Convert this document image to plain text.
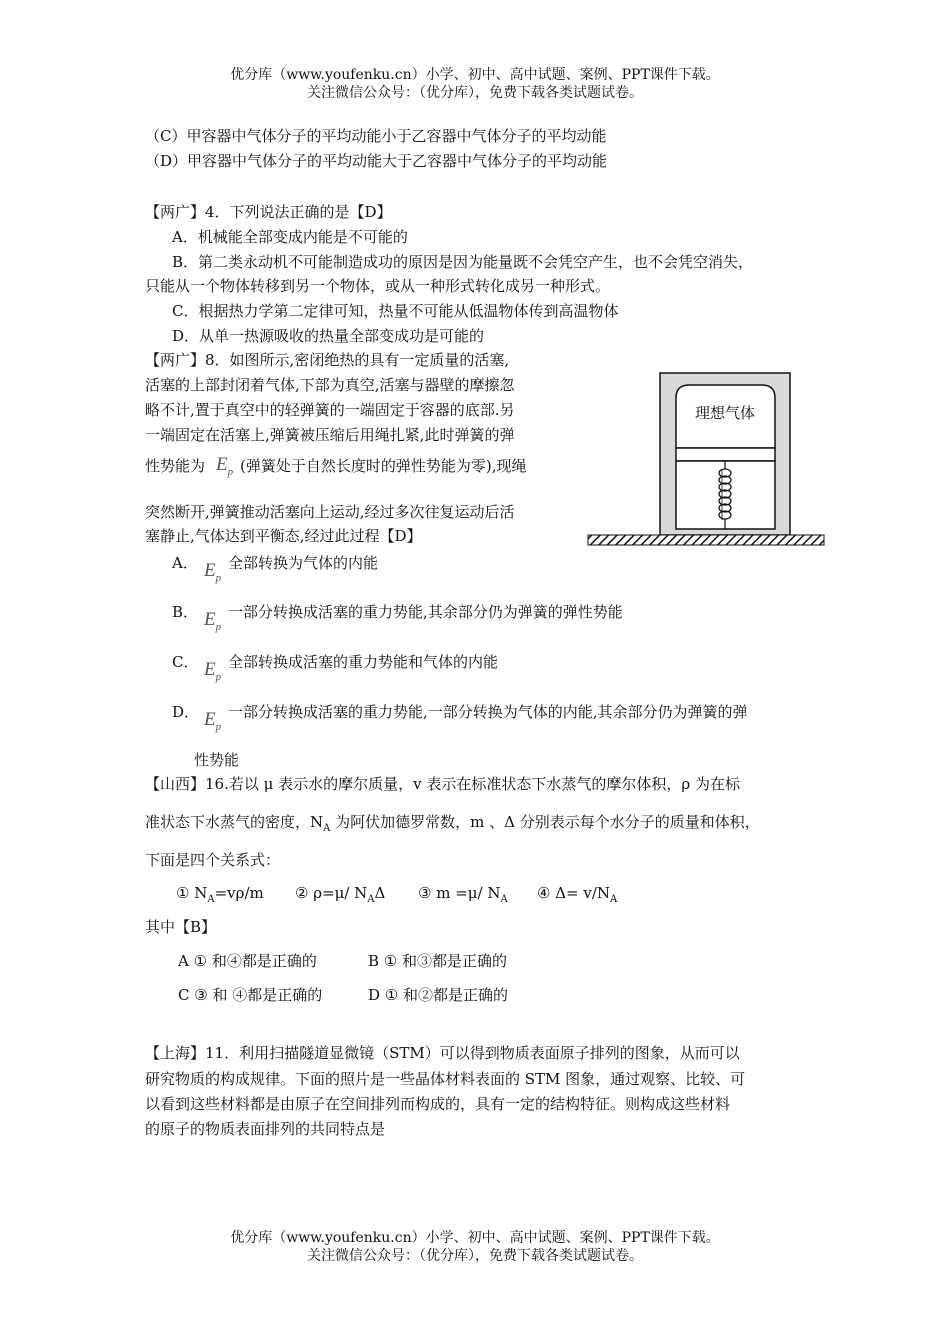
优分库（www.youfenku.cn）小学、初中、高中试题、案例、PPT课件下载。
关注微信公众号：（优分库），免费下载各类试题试卷。
（C）甲容器中气体分子的平均动能小于乙容器中气体分子的平均动能
（D）甲容器中气体分子的平均动能大于乙容器中气体分子的平均动能
【两广】4．下列说法正确的是【D】
A．机械能全部变成内能是不可能的
B．第二类永动机不可能制造成功的原因是因为能量既不会凭空产生，也不会凭空消失，
只能从一个物体转移到另一个物体，或从一种形式转化成另一种形式。
C．根据热力学第二定律可知，热量不可能从低温物体传到高温物体
D．从单一热源吸收的热量全部变成功是可能的
【两广】8．如图所示,密闭绝热的具有一定质量的活塞,
活塞的上部封闭着气体,下部为真空,活塞与器壁的摩擦忽
略不计,置于真空中的轻弹簧的一端固定于容器的底部.另
一端固定在活塞上,弹簧被压缩后用绳扎紧,此时弹簧的弹
性势能为 $E_p$ (弹簧处于自然长度时的弹性势能为零),现绳
突然断开,弹簧推动活塞向上运动,经过多次往复运动后活
塞静止,气体达到平衡态,经过此过程【D】
理想气体
A． $E_p$
全部转换为气体的内能
B． $E_p$
一部分转换成活塞的重力势能,其余部分仍为弹簧的弹性势能
C． $E_p$
全部转换成活塞的重力势能和气体的内能
D． $E_p$
一部分转换成活塞的重力势能,一部分转换为气体的内能,其余部分仍为弹簧的弹
性势能
【山西】16.若以 μ 表示水的摩尔质量，v 表示在标准状态下水蒸气的摩尔体积，ρ 为在标
准状态下水蒸气的密度，$N_A$ 为阿伏加德罗常数，m 、Δ 分别表示每个水分子的质量和体积，
下面是四个关系式：
① $N_A=v\rho/m$ ② ρ=μ/ $N_A\Delta$ ③ m =μ/ $N_A$ ④ $\Delta= v/N_A$
其中【B】
A ① 和④都是正确的	B ① 和③都是正确的
C ③ 和 ④都是正确的	D ① 和②都是正确的
【上海】11．利用扫描隧道显微镜（STM）可以得到物质表面原子排列的图象，从而可以
研究物质的构成规律。下面的照片是一些晶体材料表面的 STM 图象，通过观察、比较、可
以看到这些材料都是由原子在空间排列而构成的，具有一定的结构特征。则构成这些材料
的原子的物质表面排列的共同特点是
优分库（www.youfenku.cn）小学、初中、高中试题、案例、PPT课件下载。
关注微信公众号：（优分库），免费下载各类试题试卷。
